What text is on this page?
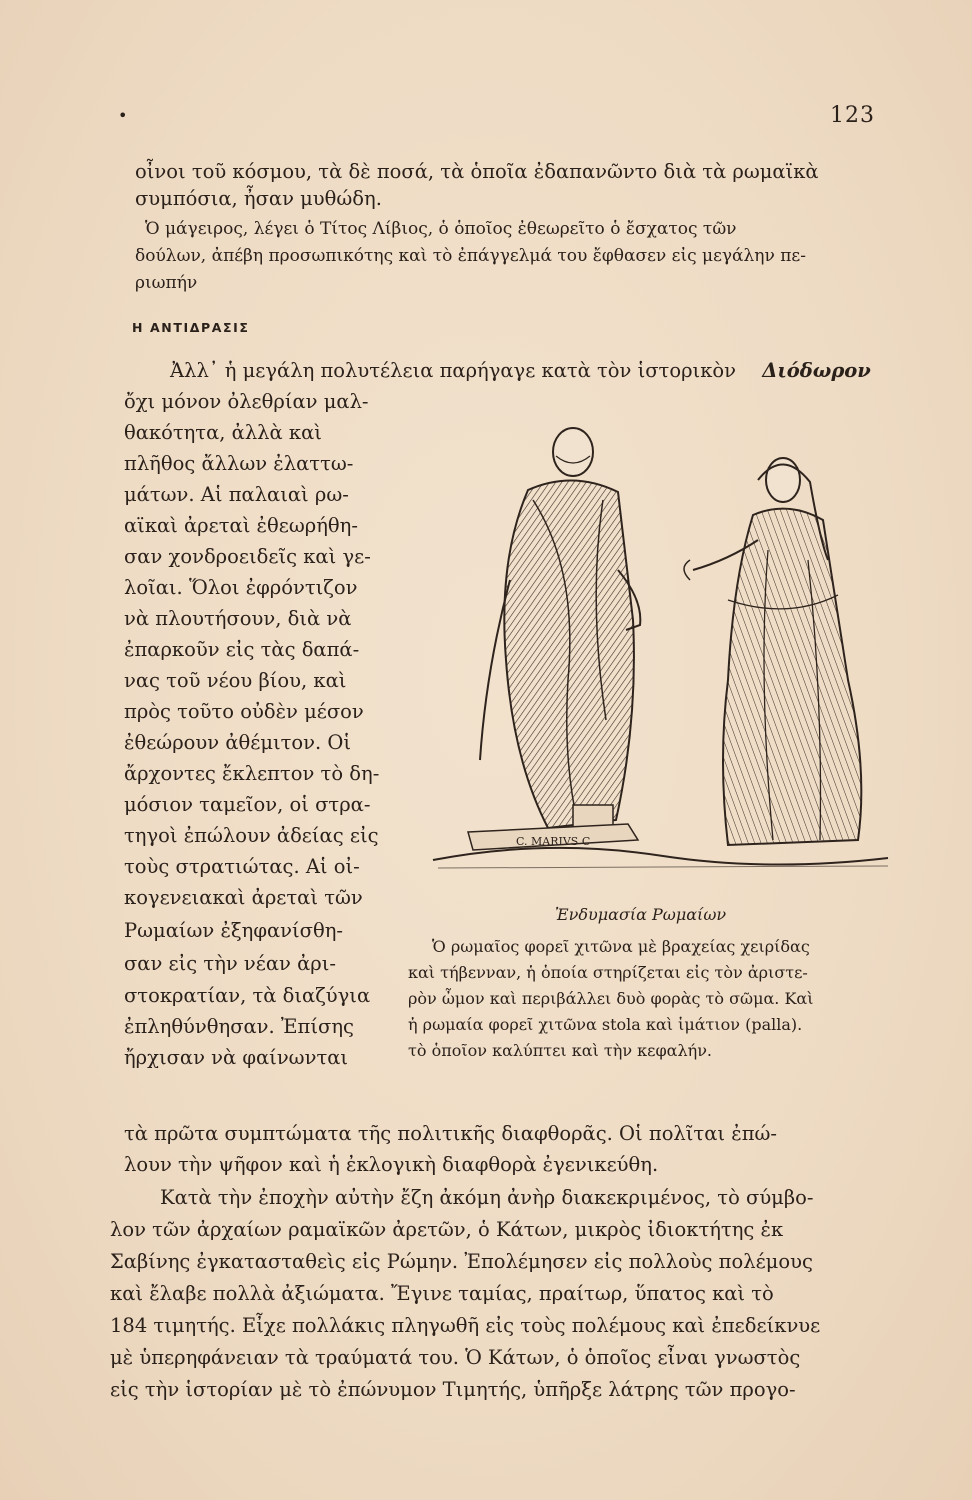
•	123
οἶνοι τοῦ κόσμου, τὰ δὲ ποσά, τὰ ὁποῖα ἐδαπανῶντο διὰ τὰ ρωμαϊκὰ
συμπόσια, ἦσαν μυθώδη.
Ὁ μάγειρος, λέγει ὁ Τίτος Λίβιος, ὁ ὁποῖος ἐθεωρεῖτο ὁ ἔσχατος τῶν
δούλων, ἀπέβη προσωπικότης καὶ τὸ ἐπάγγελμά του ἔφθασεν εἰς μεγάλην πε-
ριωπήν
Η ΑΝΤΙΔΡΑΣΙΣ
Ἀλλ᾽ ἡ μεγάλη πολυτέλεια παρήγαγε κατὰ τὸν ἱστορικὸν Διόδωρον
ὄχι μόνον ὀλεθρίαν μαλ-
θακότητα, ἀλλὰ καὶ
πλῆθος ἄλλων ἐλαττω-
μάτων. Αἱ παλαιαὶ ρω-
αϊκαὶ ἀρεταὶ ἐθεωρήθη-
σαν χονδροειδεῖς καὶ γε-
λοῖαι. Ὅλοι ἐφρόντιζον
νὰ πλουτήσουν, διὰ νὰ
ἐπαρκοῦν εἰς τὰς δαπά-
νας τοῦ νέου βίου, καὶ
πρὸς τοῦτο οὐδὲν μέσον
ἐθεώρουν ἀθέμιτον. Οἱ
ἄρχοντες ἔκλεπτον τὸ δη-
μόσιον ταμεῖον, οἱ στρα-
τηγοὶ ἐπώλουν ἀδείας εἰς
τοὺς στρατιώτας. Αἱ οἰ-
κογενειακαὶ ἀρεταὶ τῶν
Ρωμαίων ἐξηφανίσθη-
σαν εἰς τὴν νέαν ἀρι-
στοκρατίαν, τὰ διαζύγια
ἐπληθύνθησαν. Ἐπίσης
ἤρχισαν νὰ φαίνωνται
C. MARIVS C
Ἐνδυμασία Ρωμαίων
Ὁ ρωμαῖος φορεῖ χιτῶνα μὲ βραχείας χειρίδας
καὶ τήβενναν, ἡ ὁποία στηρίζεται εἰς τὸν ἀριστε-
ρὸν ὦμον καὶ περιβάλλει δυὸ φορὰς τὸ σῶμα. Καὶ
ἡ ρωμαία φορεῖ χιτῶνα stola καὶ ἱμάτιον (palla).
τὸ ὁποῖον καλύπτει καὶ τὴν κεφαλήν.
τὰ πρῶτα συμπτώματα τῆς πολιτικῆς διαφθορᾶς. Οἱ πολῖται ἐπώ-
λουν τὴν ψῆφον καὶ ἡ ἐκλογικὴ διαφθορὰ ἐγενικεύθη.
Κατὰ τὴν ἐποχὴν αὐτὴν ἔζη ἀκόμη ἀνὴρ διακεκριμένος, τὸ σύμβο-
λον τῶν ἀρχαίων ραμαϊκῶν ἀρετῶν, ὁ Κάτων, μικρὸς ἰδιοκτήτης ἐκ
Σαβίνης ἐγκατασταθεὶς εἰς Ρώμην. Ἐπολέμησεν εἰς πολλοὺς πολέμους
καὶ ἔλαβε πολλὰ ἀξιώματα. Ἔγινε ταμίας, πραίτωρ, ὕπατος καὶ τὸ
184 τιμητής. Εἶχε πολλάκις πληγωθῆ εἰς τοὺς πολέμους καὶ ἐπεδείκνυε
μὲ ὑπερηφάνειαν τὰ τραύματά του. Ὁ Κάτων, ὁ ὁποῖος εἶναι γνωστὸς
εἰς τὴν ἱστορίαν μὲ τὸ ἐπώνυμον Τιμητής, ὑπῆρξε λάτρης τῶν προγο-
